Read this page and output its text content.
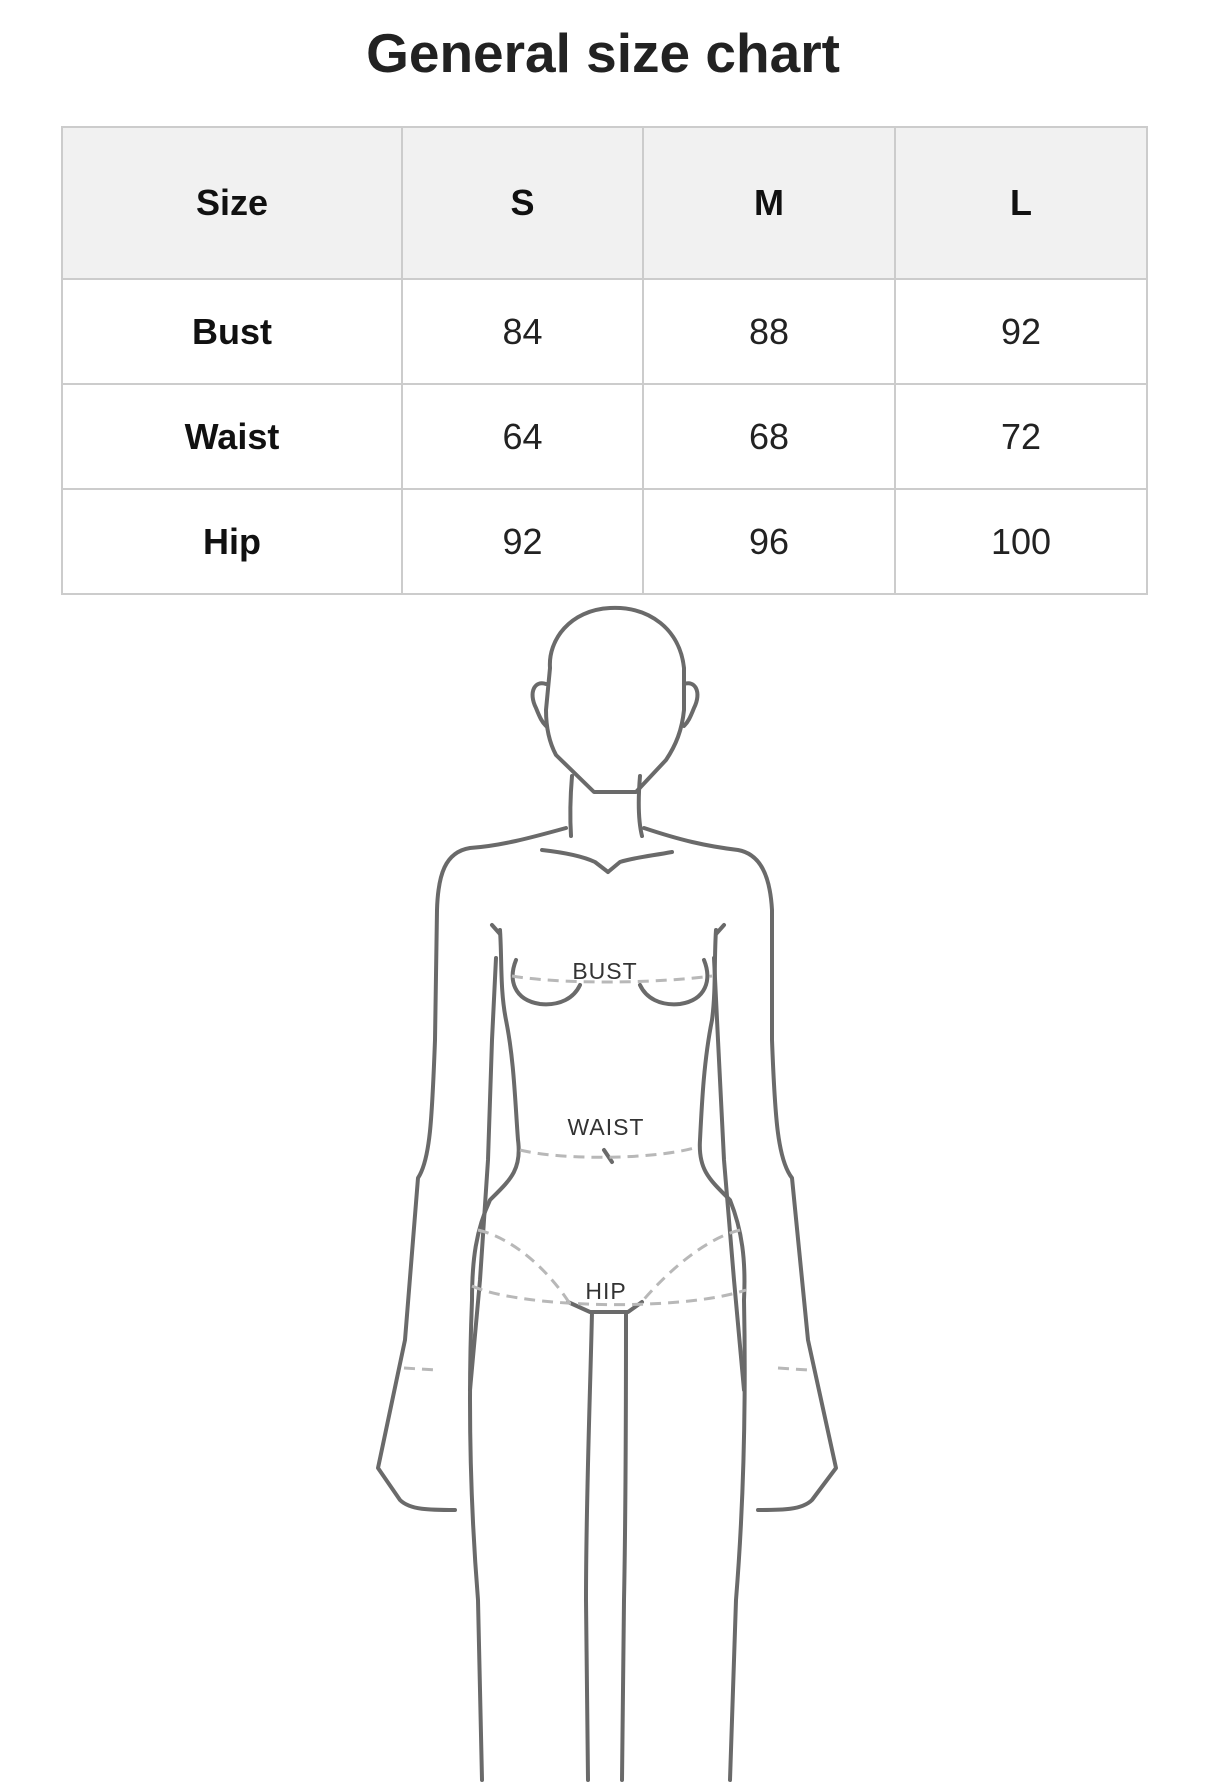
General size chart
Size	S	M	L
Bust	84	88	92
Waist	64	68	72
Hip	92	96	100
BUST
WAIST
HIP
